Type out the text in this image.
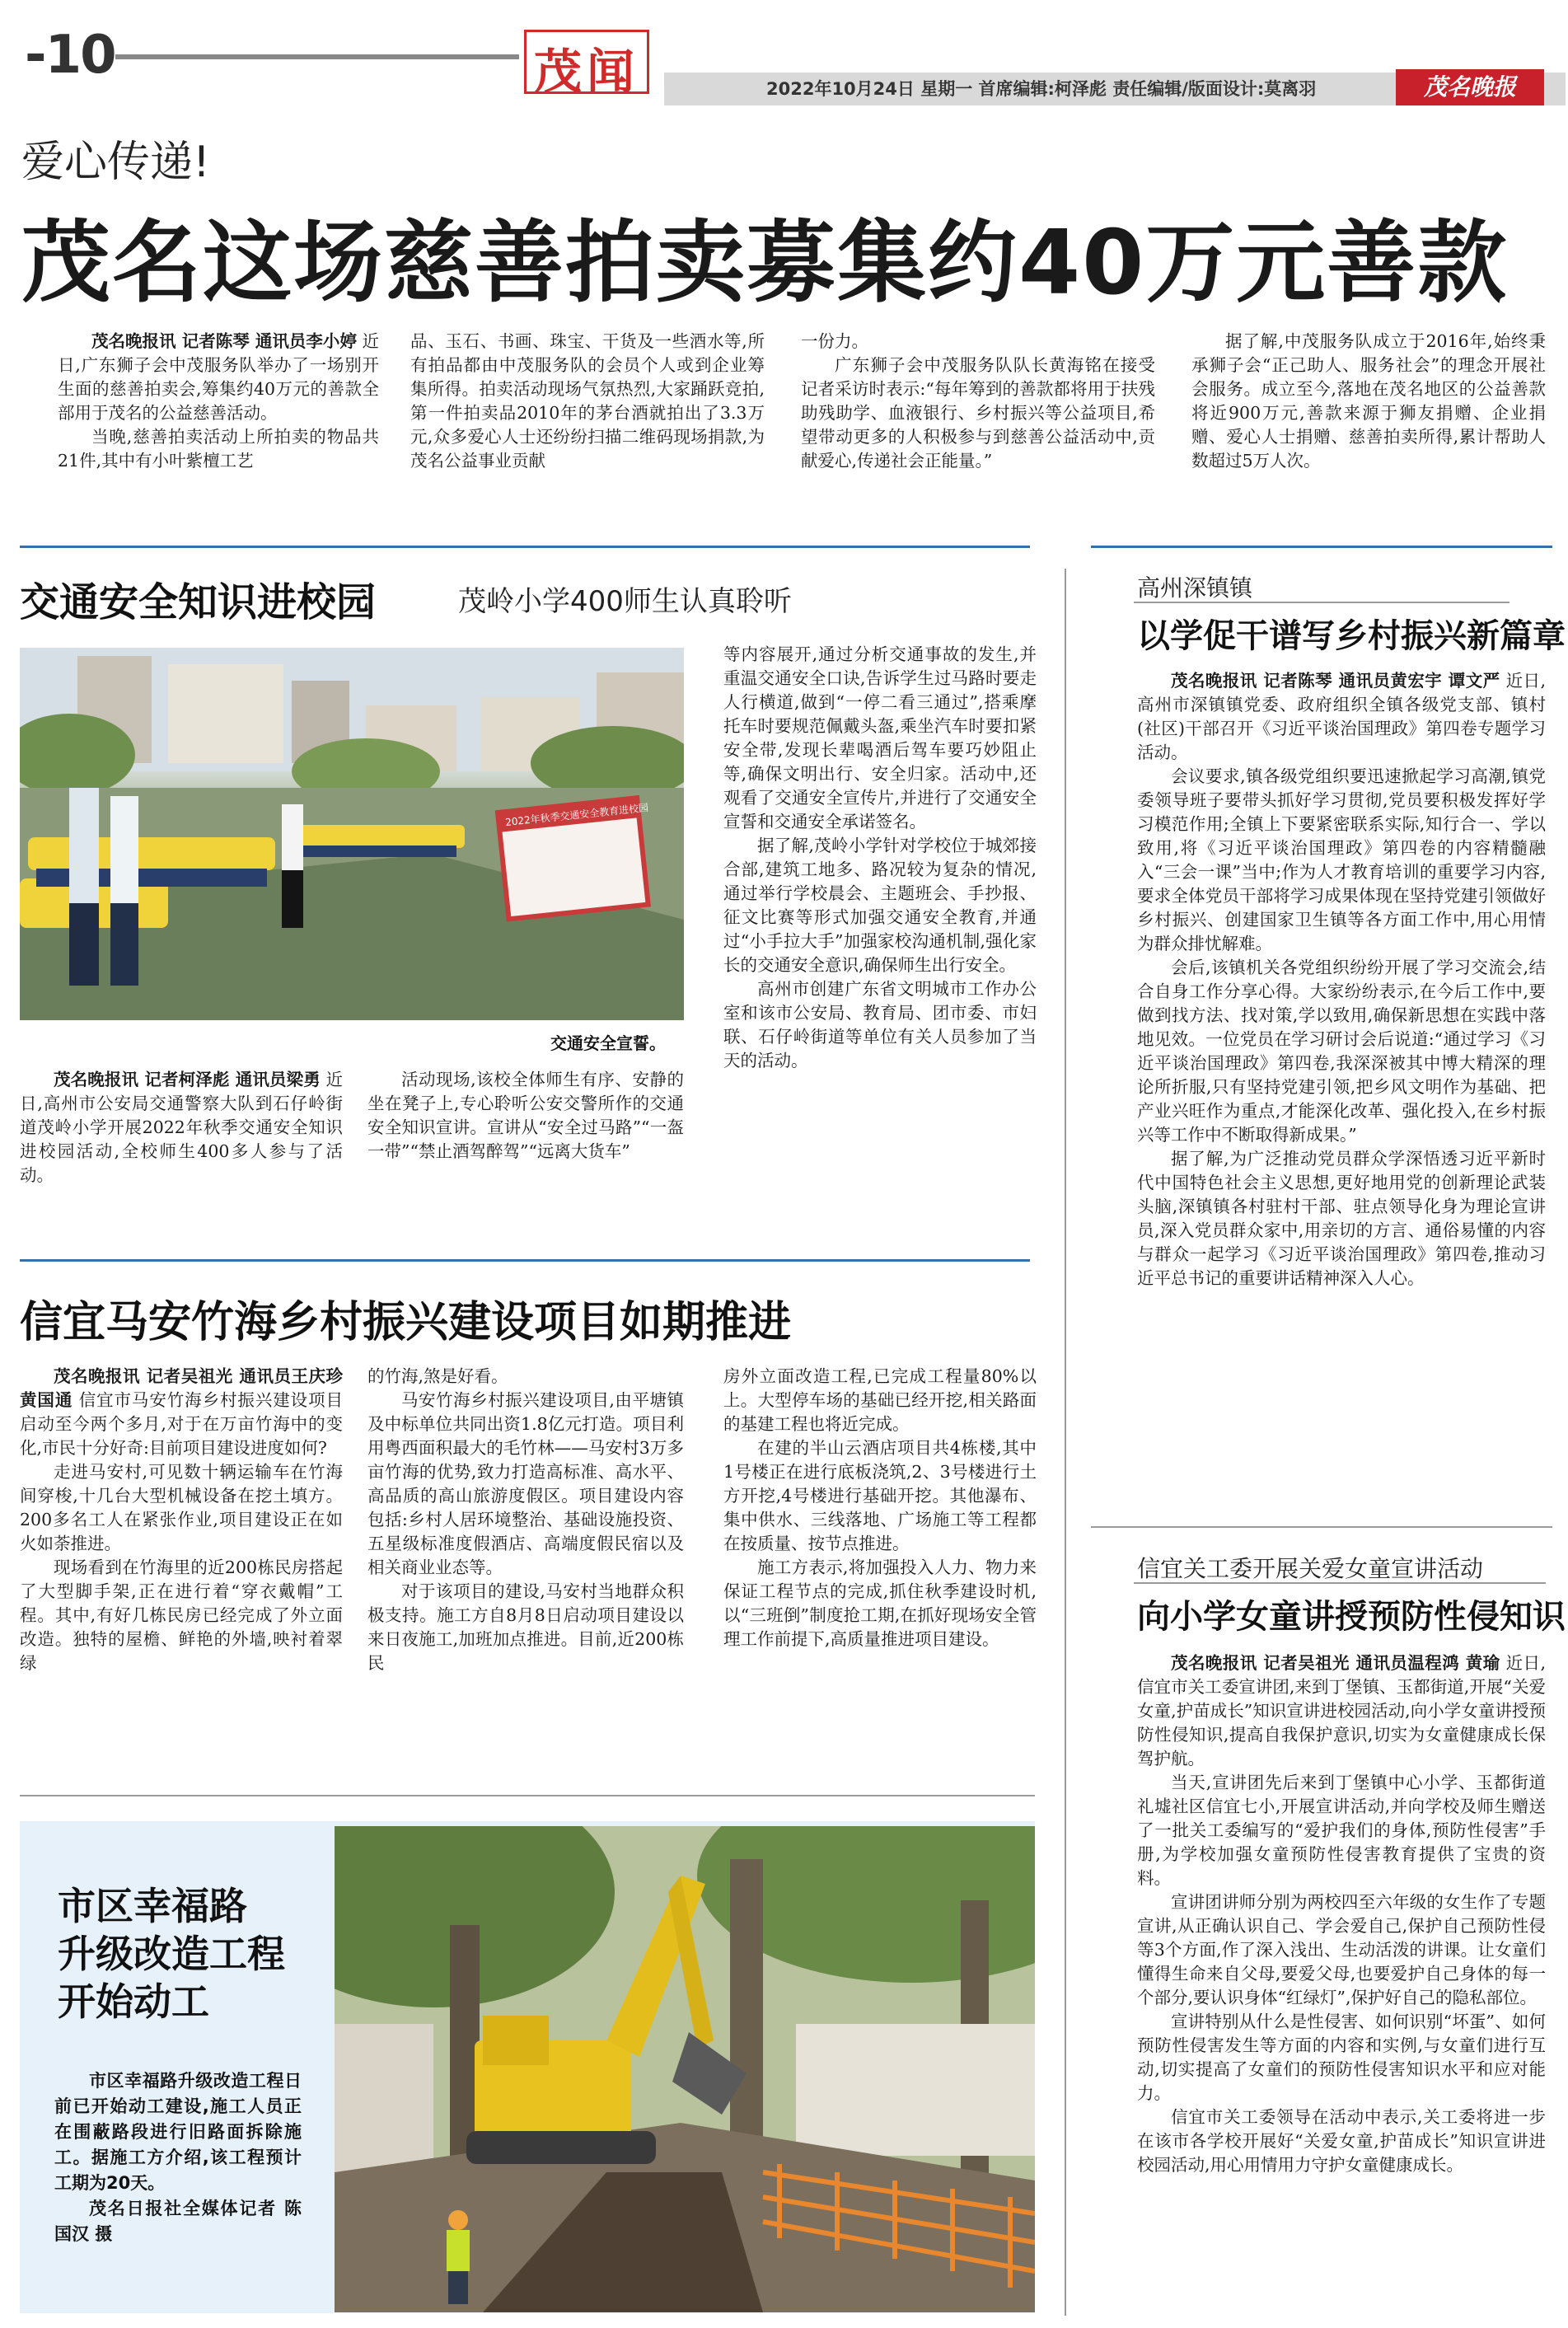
-10	茂闻	2022年10月24日 星期一 首席编辑:柯泽彪 责任编辑/版面设计:莫离羽	茂名晚报
爱心传递!
茂名这场慈善拍卖募集约40万元善款

茂名晚报讯 记者陈琴 通讯员李小婷 近日,广东狮子会中茂服务队举办了一场别开生面的慈善拍卖会,筹集约40万元的善款全部用于茂名的公益慈善活动。

当晚,慈善拍卖活动上所拍卖的物品共21件,其中有小叶紫檀工艺

品、玉石、书画、珠宝、干货及一些酒水等,所有拍品都由中茂服务队的会员个人或到企业筹集所得。拍卖活动现场气氛热烈,大家踊跃竞拍,第一件拍卖品2010年的茅台酒就拍出了3.3万元,众多爱心人士还纷纷扫描二维码现场捐款,为茂名公益事业贡献

一份力。

广东狮子会中茂服务队队长黄海铭在接受记者采访时表示:“每年筹到的善款都将用于扶残助残助学、血液银行、乡村振兴等公益项目,希望带动更多的人积极参与到慈善公益活动中,贡献爱心,传递社会正能量。”

据了解,中茂服务队成立于2016年,始终秉承狮子会“正己助人、服务社会”的理念开展社会服务。成立至今,落地在茂名地区的公益善款将近900万元,善款来源于狮友捐赠、企业捐赠、爱心人士捐赠、慈善拍卖所得,累计帮助人数超过5万人次。

交通安全知识进校园	茂岭小学400师生认真聆听
2022年秋季交通安全教育进校园
交通安全宣誓。

茂名晚报讯 记者柯泽彪 通讯员梁勇 近日,高州市公安局交通警察大队到石仔岭街道茂岭小学开展2022年秋季交通安全知识进校园活动,全校师生400多人参与了活动。

活动现场,该校全体师生有序、安静的坐在凳子上,专心聆听公安交警所作的交通安全知识宣讲。宣讲从“安全过马路”“一盔一带”“禁止酒驾醉驾”“远离大货车”

等内容展开,通过分析交通事故的发生,并重温交通安全口诀,告诉学生过马路时要走人行横道,做到“一停二看三通过”,搭乘摩托车时要规范佩戴头盔,乘坐汽车时要扣紧安全带,发现长辈喝酒后驾车要巧妙阻止等,确保文明出行、安全归家。活动中,还观看了交通安全宣传片,并进行了交通安全宣誓和交通安全承诺签名。

据了解,茂岭小学针对学校位于城郊接合部,建筑工地多、路况较为复杂的情况,通过举行学校晨会、主题班会、手抄报、征文比赛等形式加强交通安全教育,并通过“小手拉大手”加强家校沟通机制,强化家长的交通安全意识,确保师生出行安全。

高州市创建广东省文明城市工作办公室和该市公安局、教育局、团市委、市妇联、石仔岭街道等单位有关人员参加了当天的活动。

信宜马安竹海乡村振兴建设项目如期推进

茂名晚报讯 记者吴祖光 通讯员王庆珍 黄国通 信宜市马安竹海乡村振兴建设项目启动至今两个多月,对于在万亩竹海中的变化,市民十分好奇:目前项目建设进度如何?

走进马安村,可见数十辆运输车在竹海间穿梭,十几台大型机械设备在挖土填方。200多名工人在紧张作业,项目建设正在如火如荼推进。

现场看到在竹海里的近200栋民房搭起了大型脚手架,正在进行着“穿衣戴帽”工程。其中,有好几栋民房已经完成了外立面改造。独特的屋檐、鲜艳的外墙,映衬着翠绿

的竹海,煞是好看。

马安竹海乡村振兴建设项目,由平塘镇及中标单位共同出资1.8亿元打造。项目利用粤西面积最大的毛竹林——马安村3万多亩竹海的优势,致力打造高标准、高水平、高品质的高山旅游度假区。项目建设内容包括:乡村人居环境整治、基础设施投资、五星级标准度假酒店、高端度假民宿以及相关商业业态等。

对于该项目的建设,马安村当地群众积极支持。施工方自8月8日启动项目建设以来日夜施工,加班加点推进。目前,近200栋民

房外立面改造工程,已完成工程量80%以上。大型停车场的基础已经开挖,相关路面的基建工程也将近完成。

在建的半山云酒店项目共4栋楼,其中1号楼正在进行底板浇筑,2、3号楼进行土方开挖,4号楼进行基础开挖。其他瀑布、集中供水、三线落地、广场施工等工程都在按质量、按节点推进。

施工方表示,将加强投入人力、物力来保证工程节点的完成,抓住秋季建设时机,以“三班倒”制度抢工期,在抓好现场安全管理工作前提下,高质量推进项目建设。

市区幸福路
升级改造工程
开始动工

市区幸福路升级改造工程日前已开始动工建设,施工人员正在围蔽路段进行旧路面拆除施工。据施工方介绍,该工程预计工期为20天。

茂名日报社全媒体记者 陈国汉 摄

高州深镇镇
以学促干谱写乡村振兴新篇章

茂名晚报讯 记者陈琴 通讯员黄宏宇 谭文严 近日,高州市深镇镇党委、政府组织全镇各级党支部、镇村(社区)干部召开《习近平谈治国理政》第四卷专题学习活动。

会议要求,镇各级党组织要迅速掀起学习高潮,镇党委领导班子要带头抓好学习贯彻,党员要积极发挥好学习模范作用;全镇上下要紧密联系实际,知行合一、学以致用,将《习近平谈治国理政》第四卷的内容精髓融入“三会一课”当中;作为人才教育培训的重要学习内容,要求全体党员干部将学习成果体现在坚持党建引领做好乡村振兴、创建国家卫生镇等各方面工作中,用心用情为群众排忧解难。

会后,该镇机关各党组织纷纷开展了学习交流会,结合自身工作分享心得。大家纷纷表示,在今后工作中,要做到找方法、找对策,学以致用,确保新思想在实践中落地见效。一位党员在学习研讨会后说道:“通过学习《习近平谈治国理政》第四卷,我深深被其中博大精深的理论所折服,只有坚持党建引领,把乡风文明作为基础、把产业兴旺作为重点,才能深化改革、强化投入,在乡村振兴等工作中不断取得新成果。”

据了解,为广泛推动党员群众学深悟透习近平新时代中国特色社会主义思想,更好地用党的创新理论武装头脑,深镇镇各村驻村干部、驻点领导化身为理论宣讲员,深入党员群众家中,用亲切的方言、通俗易懂的内容与群众一起学习《习近平谈治国理政》第四卷,推动习近平总书记的重要讲话精神深入人心。

信宜关工委开展关爱女童宣讲活动
向小学女童讲授预防性侵知识

茂名晚报讯 记者吴祖光 通讯员温程鸿 黄瑜 近日,信宜市关工委宣讲团,来到丁堡镇、玉都街道,开展“关爱女童,护苗成长”知识宣讲进校园活动,向小学女童讲授预防性侵知识,提高自我保护意识,切实为女童健康成长保驾护航。

当天,宣讲团先后来到丁堡镇中心小学、玉都街道礼墟社区信宜七小,开展宣讲活动,并向学校及师生赠送了一批关工委编写的“爱护我们的身体,预防性侵害”手册,为学校加强女童预防性侵害教育提供了宝贵的资料。

宣讲团讲师分别为两校四至六年级的女生作了专题宣讲,从正确认识自己、学会爱自己,保护自己预防性侵等3个方面,作了深入浅出、生动活泼的讲课。让女童们懂得生命来自父母,要爱父母,也要爱护自己身体的每一个部分,要认识身体“红绿灯”,保护好自己的隐私部位。

宣讲特别从什么是性侵害、如何识别“坏蛋”、如何预防性侵害发生等方面的内容和实例,与女童们进行互动,切实提高了女童们的预防性侵害知识水平和应对能力。

信宜市关工委领导在活动中表示,关工委将进一步在该市各学校开展好“关爱女童,护苗成长”知识宣讲进校园活动,用心用情用力守护女童健康成长。
